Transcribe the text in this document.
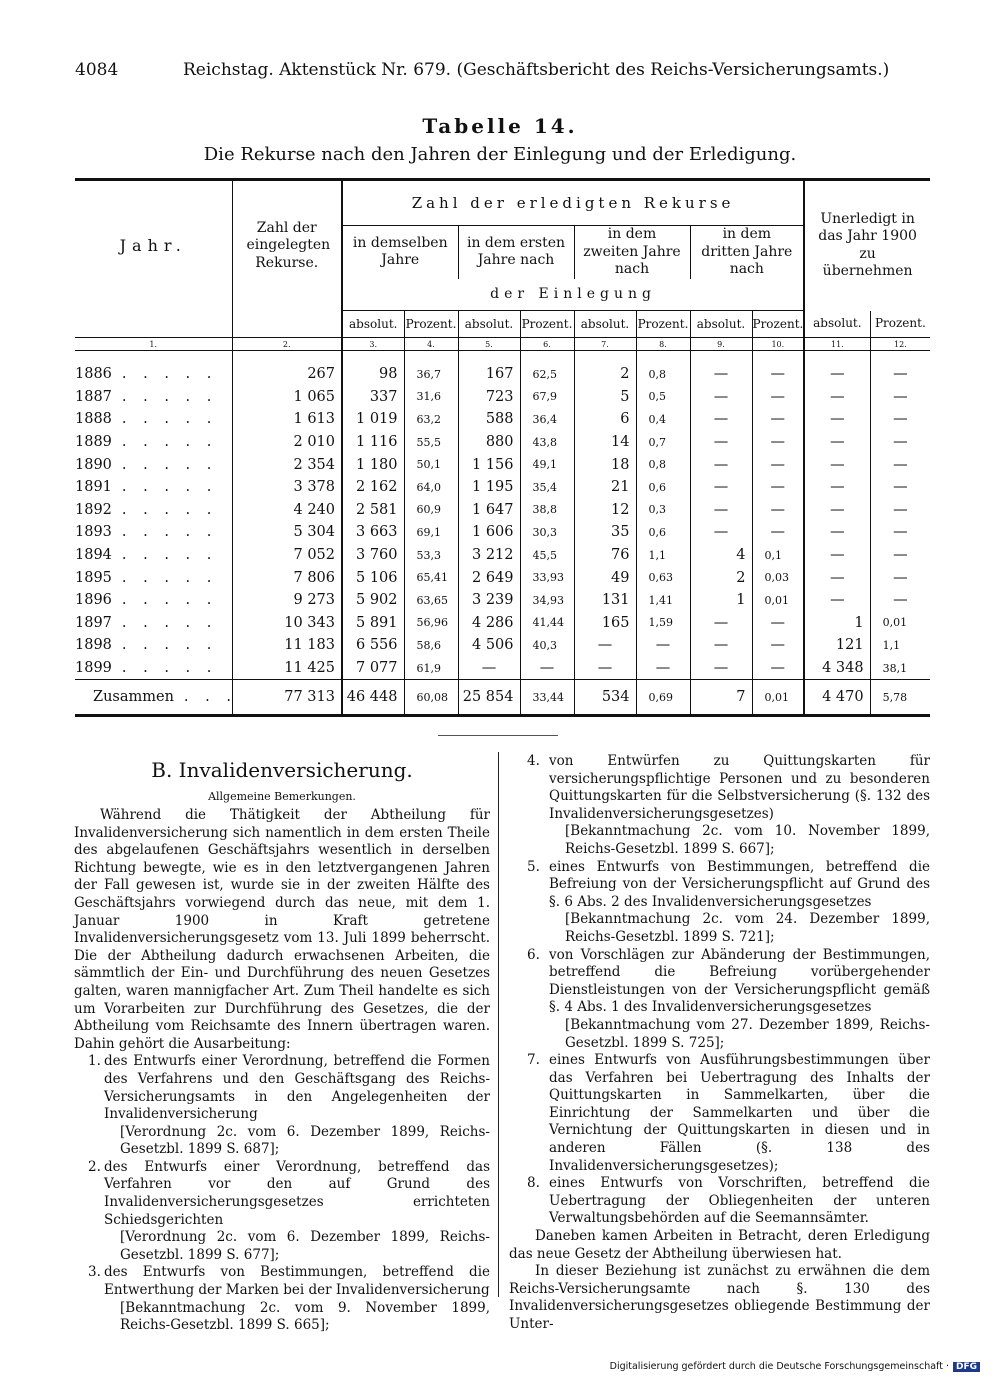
4084	Reichstag. Aktenstück Nr. 679. (Geschäftsbericht des Reichs-Versicherungsamts.)
Tabelle 14.
Die Rekurse nach den Jahren der Einlegung und der Erledigung.
Jahr.	Zahl der eingelegten Rekurse.	Zahl der erledigten Rekurse								Unerledigt in das Jahr 1900 zu übernehmen	
		in demselben Jahre		in dem ersten Jahre nach		in dem zweiten Jahre nach		in dem dritten Jahre nach			
		der Einlegung									
		absolut.	Prozent.	absolut.	Prozent.	absolut.	Prozent.	absolut.	Prozent.	absolut.	Prozent.
1.	2.	3.	4.	5.	6.	7.	8.	9.	10.	11.	12.
1886 . . . . .	267	98	36,7	167	62,5	2	0,8	—	—	—	—
1887 . . . . .	1 065	337	31,6	723	67,9	5	0,5	—	—	—	—
1888 . . . . .	1 613	1 019	63,2	588	36,4	6	0,4	—	—	—	—
1889 . . . . .	2 010	1 116	55,5	880	43,8	14	0,7	—	—	—	—
1890 . . . . .	2 354	1 180	50,1	1 156	49,1	18	0,8	—	—	—	—
1891 . . . . .	3 378	2 162	64,0	1 195	35,4	21	0,6	—	—	—	—
1892 . . . . .	4 240	2 581	60,9	1 647	38,8	12	0,3	—	—	—	—
1893 . . . . .	5 304	3 663	69,1	1 606	30,3	35	0,6	—	—	—	—
1894 . . . . .	7 052	3 760	53,3	3 212	45,5	76	1,1	4	0,1	—	—
1895 . . . . .	7 806	5 106	65,41	2 649	33,93	49	0,63	2	0,03	—	—
1896 . . . . .	9 273	5 902	63,65	3 239	34,93	131	1,41	1	0,01	—	—
1897 . . . . .	10 343	5 891	56,96	4 286	41,44	165	1,59	—	—	1	0,01
1898 . . . . .	11 183	6 556	58,6	4 506	40,3	—	—	—	—	121	1,1
1899 . . . . .	11 425	7 077	61,9	—	—	—	—	—	—	4 348	38,1
Zusammen . . .	77 313	46 448	60,08	25 854	33,44	534	0,69	7	0,01	4 470	5,78
B. Invalidenversicherung.
Allgemeine Bemerkungen.

Während die Thätigkeit der Abtheilung für Invalidenversicherung sich namentlich in dem ersten Theile des abgelaufenen Geschäftsjahrs wesentlich in derselben Richtung bewegte, wie es in den letztvergangenen Jahren der Fall gewesen ist, wurde sie in der zweiten Hälfte des Geschäftsjahrs vorwiegend durch das neue, mit dem 1. Januar 1900 in Kraft getretene Invalidenversicherungsgesetz vom 13. Juli 1899 beherrscht. Die der Abtheilung dadurch erwachsenen Arbeiten, die sämmtlich der Ein- und Durchführung des neuen Gesetzes galten, waren mannigfacher Art. Zum Theil handelte es sich um Vorarbeiten zur Durchführung des Gesetzes, die der Abtheilung vom Reichsamte des Innern übertragen waren. Dahin gehört die Ausarbeitung:

1. des Entwurfs einer Verordnung, betreffend die Formen des Verfahrens und den Geschäftsgang des Reichs-Versicherungsamts in den Angelegenheiten der Invalidenversicherung
[Verordnung 2c. vom 6. Dezember 1899, Reichs-Gesetzbl. 1899 S. 687];
2. des Entwurfs einer Verordnung, betreffend das Verfahren vor den auf Grund des Invalidenversicherungsgesetzes errichteten Schiedsgerichten
[Verordnung 2c. vom 6. Dezember 1899, Reichs-Gesetzbl. 1899 S. 677];
3. des Entwurfs von Bestimmungen, betreffend die Entwerthung der Marken bei der Invalidenversicherung
[Bekanntmachung 2c. vom 9. November 1899, Reichs-Gesetzbl. 1899 S. 665];
4. von Entwürfen zu Quittungskarten für versicherungspflichtige Personen und zu besonderen Quittungskarten für die Selbstversicherung (§. 132 des Invalidenversicherungsgesetzes)
[Bekanntmachung 2c. vom 10. November 1899, Reichs-Gesetzbl. 1899 S. 667];
5. eines Entwurfs von Bestimmungen, betreffend die Befreiung von der Versicherungspflicht auf Grund des §. 6 Abs. 2 des Invalidenversicherungsgesetzes
[Bekanntmachung 2c. vom 24. Dezember 1899, Reichs-Gesetzbl. 1899 S. 721];
6. von Vorschlägen zur Abänderung der Bestimmungen, betreffend die Befreiung vorübergehender Dienstleistungen von der Versicherungspflicht gemäß §. 4 Abs. 1 des Invalidenversicherungsgesetzes
[Bekanntmachung vom 27. Dezember 1899, Reichs-Gesetzbl. 1899 S. 725];
7. eines Entwurfs von Ausführungsbestimmungen über das Verfahren bei Uebertragung des Inhalts der Quittungskarten in Sammelkarten, über die Einrichtung der Sammelkarten und über die Vernichtung der Quittungskarten in diesen und in anderen Fällen (§. 138 des Invalidenversicherungsgesetzes);
8. eines Entwurfs von Vorschriften, betreffend die Uebertragung der Obliegenheiten der unteren Verwaltungsbehörden auf die Seemannsämter.

Daneben kamen Arbeiten in Betracht, deren Erledigung das neue Gesetz der Abtheilung überwiesen hat.

In dieser Beziehung ist zunächst zu erwähnen die dem Reichs-Versicherungsamte nach §. 130 des Invalidenversicherungsgesetzes obliegende Bestimmung der Unter-

Digitalisierung gefördert durch die Deutsche Forschungsgemeinschaft · DFG
